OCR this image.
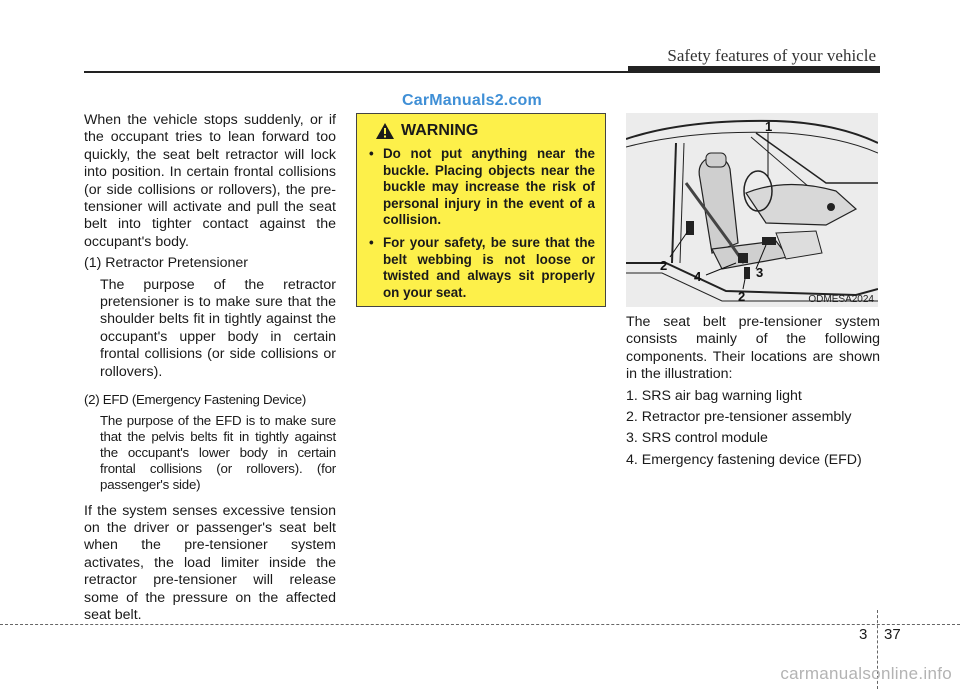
Safety features of your vehicle

When the vehicle stops suddenly, or if the occupant tries to lean forward too quickly, the seat belt retractor will lock into position. In certain frontal collisions (or side collisions or rollovers), the pre-tensioner will activate and pull the seat belt into tighter contact against the occupant's body.

(1) Retractor Pretensioner

The purpose of the retractor pretensioner is to make sure that the shoulder belts fit in tightly against the occupant's upper body in certain frontal collisions (or side collisions or rollovers).

(2) EFD (Emergency Fastening Device)

The purpose of the EFD is to make sure that the pelvis belts fit in tightly against the occupant's lower body in certain frontal collisions (or rollovers). (for passenger's side)

If the system senses excessive tension on the driver or passenger's seat belt when the pre-tensioner system activates, the load limiter inside the retractor pre-tensioner will release some of the pressure on the affected seat belt.

CarManuals2.com
WARNING
• Do not put anything near the buckle. Placing objects near the buckle may increase the risk of personal injury in the event of a collision.
• For your safety, be sure that the belt webbing is not loose or twisted and always sit properly on your seat.
1
2	3
4
2	ODMESA2024

The seat belt pre-tensioner system consists mainly of the following components. Their locations are shown in the illustration:

1. SRS air bag warning light

2. Retractor pre-tensioner assembly

3. SRS control module

4. Emergency fastening device (EFD)

3 37
carmanualsonline.info
